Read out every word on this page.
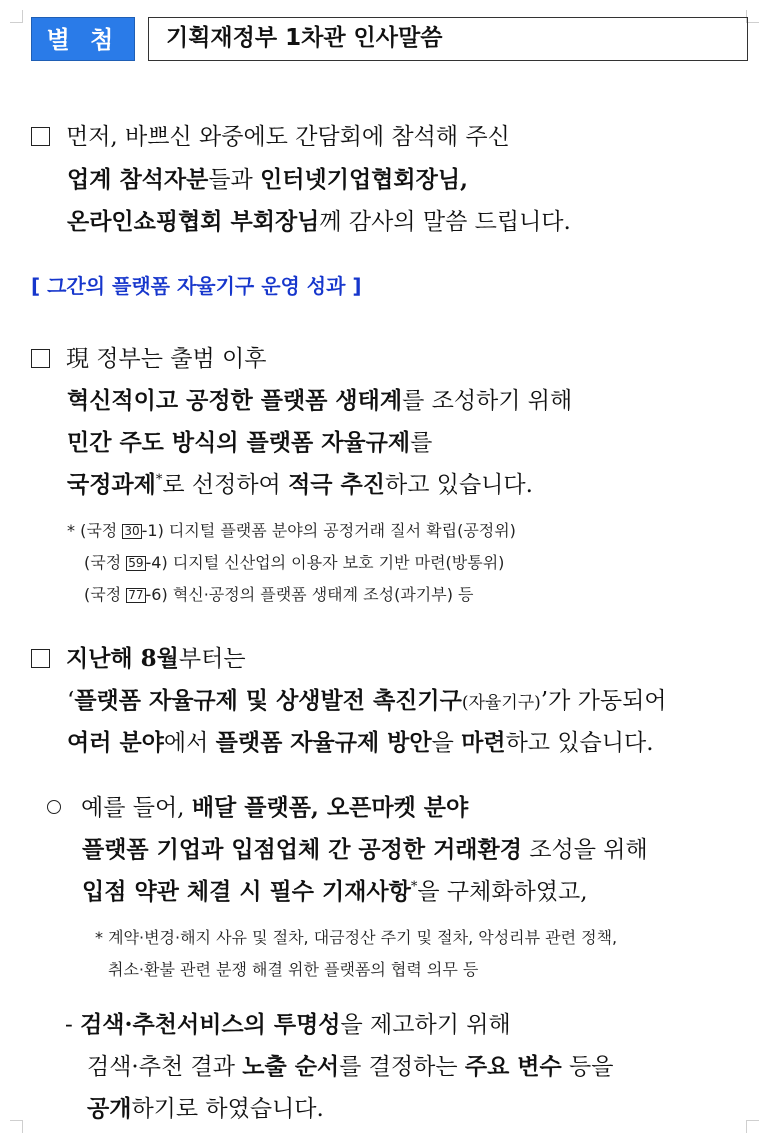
별 첨	기획재정부 1차관 인사말씀
먼저, 바쁘신 와중에도 간담회에 참석해 주신
업계 참석자분들과 인터넷기업협회장님,
온라인쇼핑협회 부회장님께 감사의 말씀 드립니다.
[ 그간의 플랫폼 자율기구 운영 성과 ]
現 정부는 출범 이후
혁신적이고 공정한 플랫폼 생태계를 조성하기 위해
민간 주도 방식의 플랫폼 자율규제를
국정과제*로 선정하여 적극 추진하고 있습니다.
* (국정 30 -1) 디지털 플랫폼 분야의 공정거래 질서 확립(공정위)
(국정 59 -4) 디지털 신산업의 이용자 보호 기반 마련(방통위)
(국정 77 -6) 혁신·공정의 플랫폼 생태계 조성(과기부) 등
지난해 8월부터는
‘플랫폼 자율규제 및 상생발전 촉진기구(자율기구)’가 가동되어
여러 분야에서 플랫폼 자율규제 방안을 마련하고 있습니다.
예를 들어, 배달 플랫폼, 오픈마켓 분야
플랫폼 기업과 입점업체 간 공정한 거래환경 조성을 위해
입점 약관 체결 시 필수 기재사항*을 구체화하였고,
* 계약·변경·해지 사유 및 절차, 대금정산 주기 및 절차, 악성리뷰 관련 정책,
취소·환불 관련 분쟁 해결 위한 플랫폼의 협력 의무 등
- 검색·추천서비스의 투명성을 제고하기 위해
검색·추천 결과 노출 순서를 결정하는 주요 변수 등을
공개하기로 하였습니다.
